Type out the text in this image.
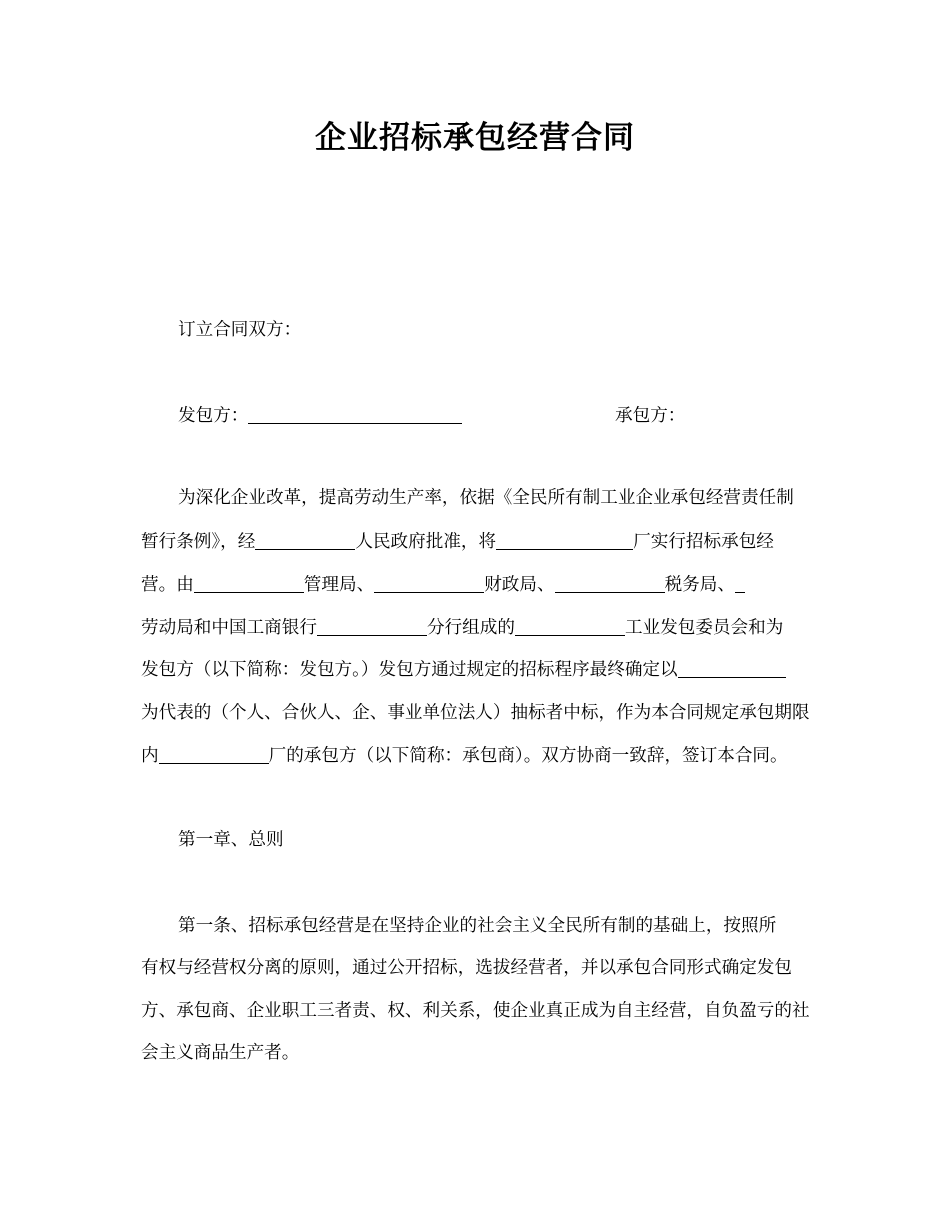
企业招标承包经营合同
订立合同双方：
发包方：	承包方：
为深化企业改革，提高劳动生产率，依据《全民所有制工业企业承包经营责任制
暂行条例》，经	人民政府批准，将	厂实行招标承包经
营。由	管理局、	财政局、	税务局、
劳动局和中国工商银行	分行组成的	工业发包委员会和为
发包方（以下简称：发包方。）发包方通过规定的招标程序最终确定以
为代表的（个人、合伙人、企、事业单位法人）抽标者中标，作为本合同规定承包期限
内	厂的承包方（以下简称：承包商）。双方协商一致辞，签订本合同。
第一章、总则
第一条、招标承包经营是在坚持企业的社会主义全民所有制的基础上，按照所
有权与经营权分离的原则，通过公开招标，选拔经营者，并以承包合同形式确定发包
方、承包商、企业职工三者责、权、利关系，使企业真正成为自主经营，自负盈亏的社
会主义商品生产者。
